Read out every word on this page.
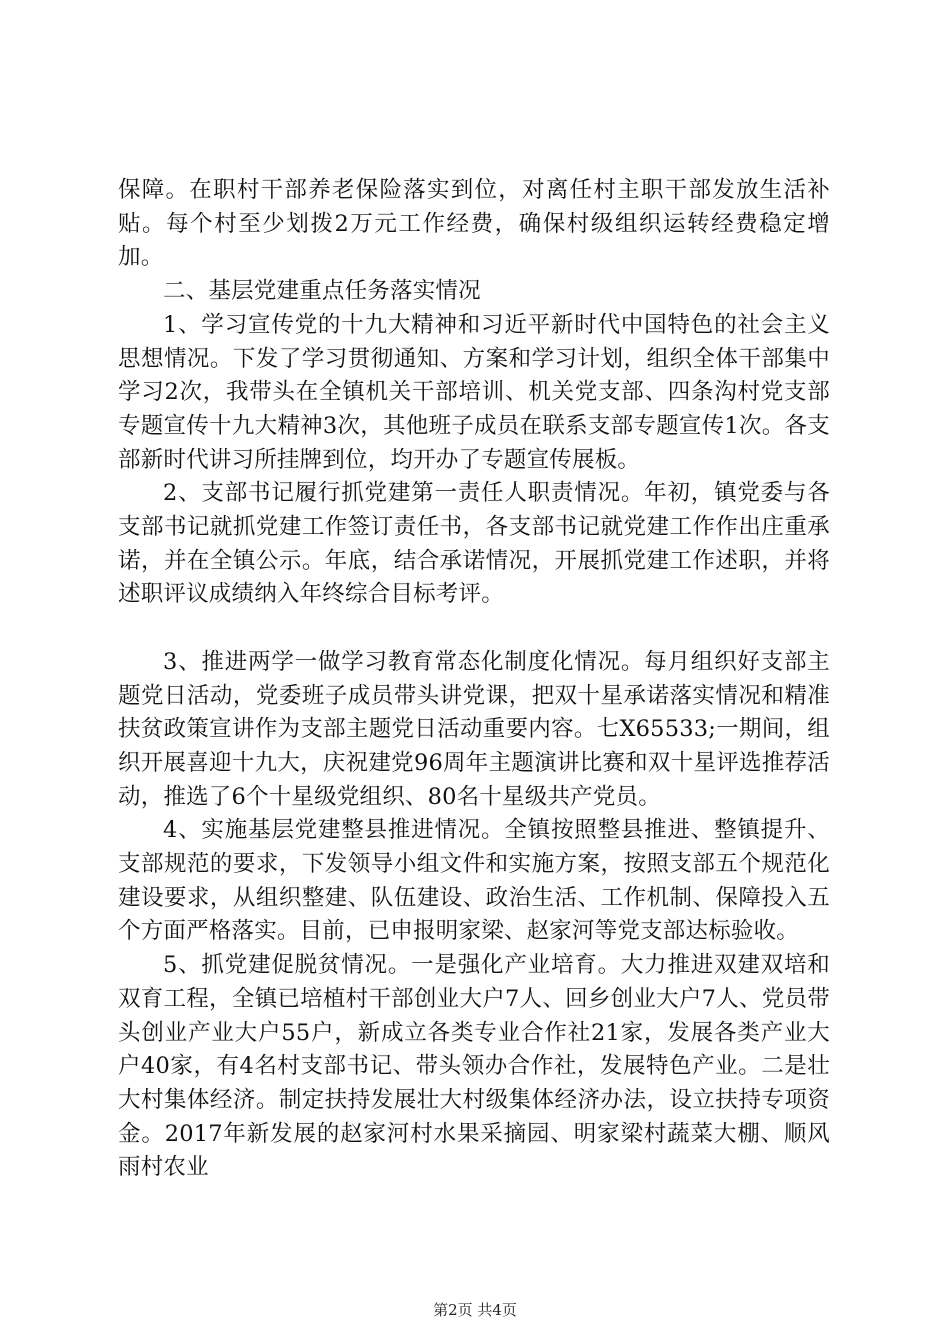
保障。在职村干部养老保险落实到位，对离任村主职干部发放生活补贴。每个村至少划拨2万元工作经费，确保村级组织运转经费稳定增加。

二、基层党建重点任务落实情况

1、学习宣传党的十九大精神和习近平新时代中国特色的社会主义思想情况。下发了学习贯彻通知、方案和学习计划，组织全体干部集中学习2次，我带头在全镇机关干部培训、机关党支部、四条沟村党支部专题宣传十九大精神3次，其他班子成员在联系支部专题宣传1次。各支部新时代讲习所挂牌到位，均开办了专题宣传展板。

2、支部书记履行抓党建第一责任人职责情况。年初，镇党委与各支部书记就抓党建工作签订责任书，各支部书记就党建工作作出庄重承诺，并在全镇公示。年底，结合承诺情况，开展抓党建工作述职，并将述职评议成绩纳入年终综合目标考评。

3、推进两学一做学习教育常态化制度化情况。每月组织好支部主题党日活动，党委班子成员带头讲党课，把双十星承诺落实情况和精准扶贫政策宣讲作为支部主题党日活动重要内容。七X65533;一期间，组织开展喜迎十九大，庆祝建党96周年主题演讲比赛和双十星评选推荐活动，推选了6个十星级党组织、80名十星级共产党员。

4、实施基层党建整县推进情况。全镇按照整县推进、整镇提升、支部规范的要求，下发领导小组文件和实施方案，按照支部五个规范化建设要求，从组织整建、队伍建设、政治生活、工作机制、保障投入五个方面严格落实。目前，已申报明家梁、赵家河等党支部达标验收。

5、抓党建促脱贫情况。一是强化产业培育。大力推进双建双培和双育工程，全镇已培植村干部创业大户7人、回乡创业大户7人、党员带头创业产业大户55户，新成立各类专业合作社21家，发展各类产业大户40家，有4名村支部书记、带头领办合作社，发展特色产业。二是壮大村集体经济。制定扶持发展壮大村级集体经济办法，设立扶持专项资金。2017年新发展的赵家河村水果采摘园、明家梁村蔬菜大棚、顺风雨村农业

第2页 共4页
